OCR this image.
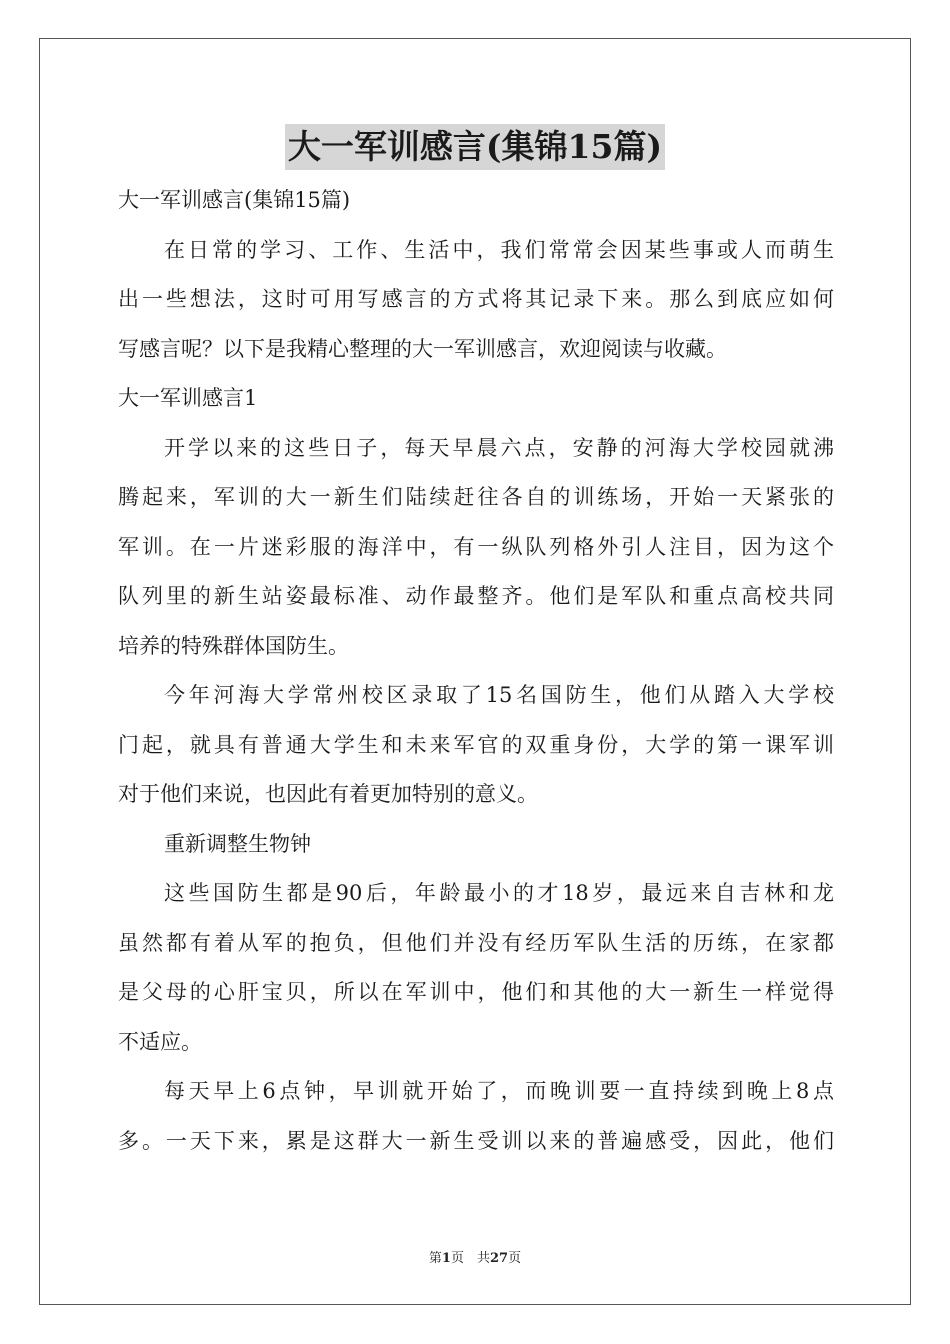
大一军训感言(集锦15篇)
大一军训感言(集锦15篇)
在日常的学习、工作、生活中，我们常常会因某些事或人而萌生
出一些想法，这时可用写感言的方式将其记录下来。那么到底应如何
写感言呢？以下是我精心整理的大一军训感言，欢迎阅读与收藏。
大一军训感言1
开学以来的这些日子，每天早晨六点，安静的河海大学校园就沸
腾起来，军训的大一新生们陆续赶往各自的训练场，开始一天紧张的
军训。在一片迷彩服的海洋中，有一纵队列格外引人注目，因为这个
队列里的新生站姿最标准、动作最整齐。他们是军队和重点高校共同
培养的特殊群体国防生。
今年河海大学常州校区录取了15名国防生，他们从踏入大学校
门起，就具有普通大学生和未来军官的双重身份，大学的第一课军训
对于他们来说，也因此有着更加特别的意义。
重新调整生物钟
这些国防生都是90后，年龄最小的才18岁，最远来自吉林和龙
虽然都有着从军的抱负，但他们并没有经历军队生活的历练，在家都
是父母的心肝宝贝，所以在军训中，他们和其他的大一新生一样觉得
不适应。
每天早上6点钟，早训就开始了，而晚训要一直持续到晚上8点
多。一天下来，累是这群大一新生受训以来的普遍感受，因此，他们
第1页　共27页
